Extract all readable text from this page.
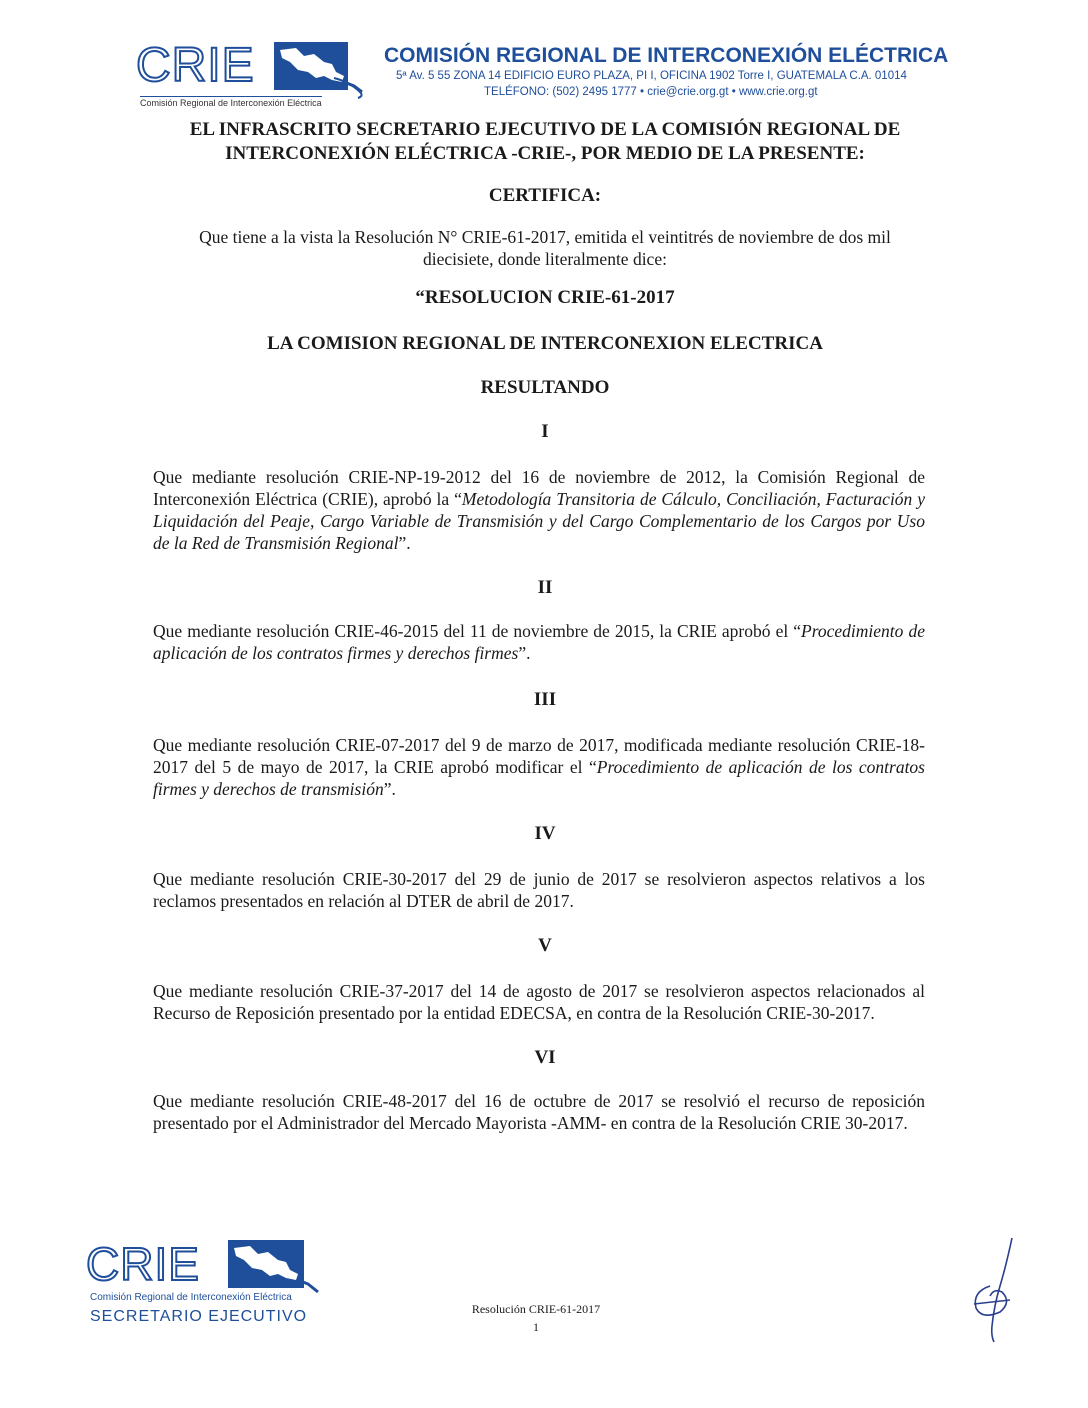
CRIE
Comisión Regional de Interconexión Eléctrica
COMISIÓN REGIONAL DE INTERCONEXIÓN ELÉCTRICA
5ª Av. 5 55 ZONA 14 EDIFICIO EURO PLAZA, PI I, OFICINA 1902 Torre I, GUATEMALA C.A. 01014
TELÉFONO: (502) 2495 1777 • crie@crie.org.gt • www.crie.org.gt
EL INFRASCRITO SECRETARIO EJECUTIVO DE LA COMISIÓN REGIONAL DE
INTERCONEXIÓN ELÉCTRICA -CRIE-, POR MEDIO DE LA PRESENTE:
CERTIFICA:
Que tiene a la vista la Resolución N° CRIE-61-2017, emitida el veintitrés de noviembre de dos mil
diecisiete, donde literalmente dice:
“RESOLUCION CRIE-61-2017
LA COMISION REGIONAL DE INTERCONEXION ELECTRICA
RESULTANDO
I
Que mediante resolución CRIE-NP-19-2012 del 16 de noviembre de 2012, la Comisión Regional de Interconexión Eléctrica (CRIE), aprobó la “Metodología Transitoria de Cálculo, Conciliación, Facturación y Liquidación del Peaje, Cargo Variable de Transmisión y del Cargo Complementario de los Cargos por Uso de la Red de Transmisión Regional”.
II
Que mediante resolución CRIE-46-2015 del 11 de noviembre de 2015, la CRIE aprobó el “Procedimiento de aplicación de los contratos firmes y derechos firmes”.
III
Que mediante resolución CRIE-07-2017 del 9 de marzo de 2017, modificada mediante resolución CRIE-18-2017 del 5 de mayo de 2017, la CRIE aprobó modificar el “Procedimiento de aplicación de los contratos firmes y derechos de transmisión”.
IV
Que mediante resolución CRIE-30-2017 del 29 de junio de 2017 se resolvieron aspectos relativos a los reclamos presentados en relación al DTER de abril de 2017.
V
Que mediante resolución CRIE-37-2017 del 14 de agosto de 2017 se resolvieron aspectos relacionados al Recurso de Reposición presentado por la entidad EDECSA, en contra de la Resolución CRIE-30-2017.
VI
Que mediante resolución CRIE-48-2017 del 16 de octubre de 2017 se resolvió el recurso de reposición presentado por el Administrador del Mercado Mayorista -AMM- en contra de la Resolución CRIE 30-2017.
CRIE
Comisión Regional de Interconexión Eléctrica
SECRETARIO EJECUTIVO	Resolución CRIE-61-2017
1
